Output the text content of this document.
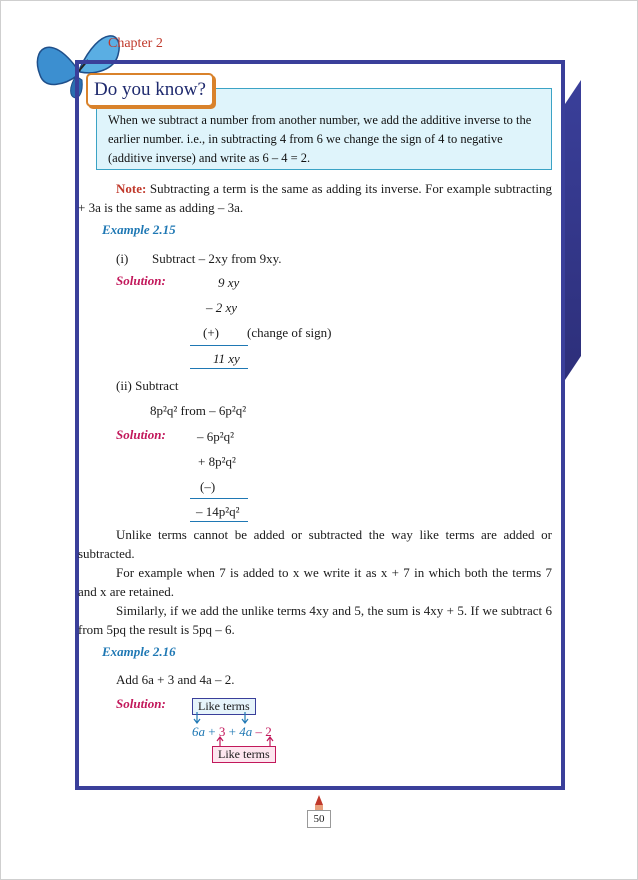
Chapter 2
Do you know?
When we subtract a number from another number, we add the additive inverse to the earlier number. i.e., in subtracting 4 from 6 we change the sign of 4 to negative (additive inverse) and write as 6 – 4 = 2.
Note: Subtracting a term is the same as adding its inverse. For example subtracting + 3a is the same as adding – 3a.
Example 2.15
(i) Subtract – 2xy from 9xy.
Solution:	9 xy
– 2 xy
(+) (change of sign)
11 xy
(ii) Subtract
8p²q² from – 6p²q²
Solution: – 6p²q²
+ 8p²q²
(–)
– 14p²q²
Unlike terms cannot be added or subtracted the way like terms are added or subtracted.
For example when 7 is added to x we write it as x + 7 in which both the terms 7 and x are retained.
Similarly, if we add the unlike terms 4xy and 5, the sum is 4xy + 5. If we subtract 6 from 5pq the result is 5pq – 6.
Example 2.16
Add 6a + 3 and 4a – 2.
Solution:	Like terms
6a + 3 + 4a – 2
Like terms
50
